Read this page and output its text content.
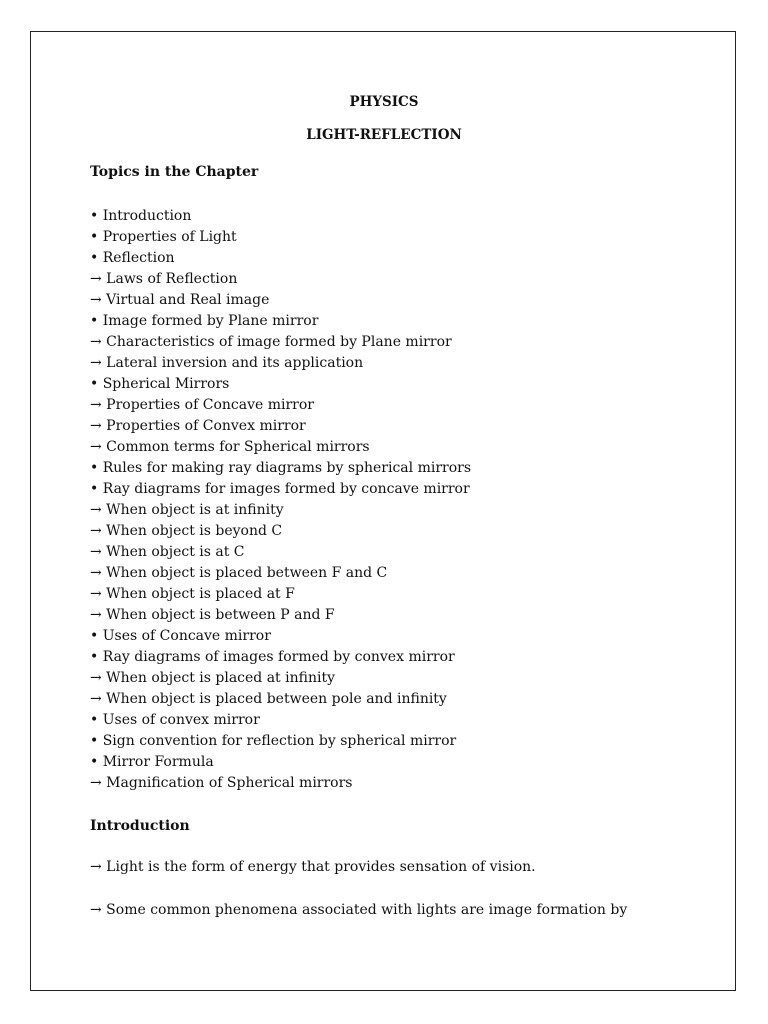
PHYSICS
LIGHT-REFLECTION
Topics in the Chapter
• Introduction
• Properties of Light
• Reflection
→ Laws of Reflection
→ Virtual and Real image
• Image formed by Plane mirror
→ Characteristics of image formed by Plane mirror
→ Lateral inversion and its application
• Spherical Mirrors
→ Properties of Concave mirror
→ Properties of Convex mirror
→ Common terms for Spherical mirrors
• Rules for making ray diagrams by spherical mirrors
• Ray diagrams for images formed by concave mirror
→ When object is at infinity
→ When object is beyond C
→ When object is at C
→ When object is placed between F and C
→ When object is placed at F
→ When object is between P and F
• Uses of Concave mirror
• Ray diagrams of images formed by convex mirror
→ When object is placed at infinity
→ When object is placed between pole and infinity
• Uses of convex mirror
• Sign convention for reflection by spherical mirror
• Mirror Formula
→ Magnification of Spherical mirrors
Introduction
→ Light is the form of energy that provides sensation of vision.
→ Some common phenomena associated with lights are image formation by
